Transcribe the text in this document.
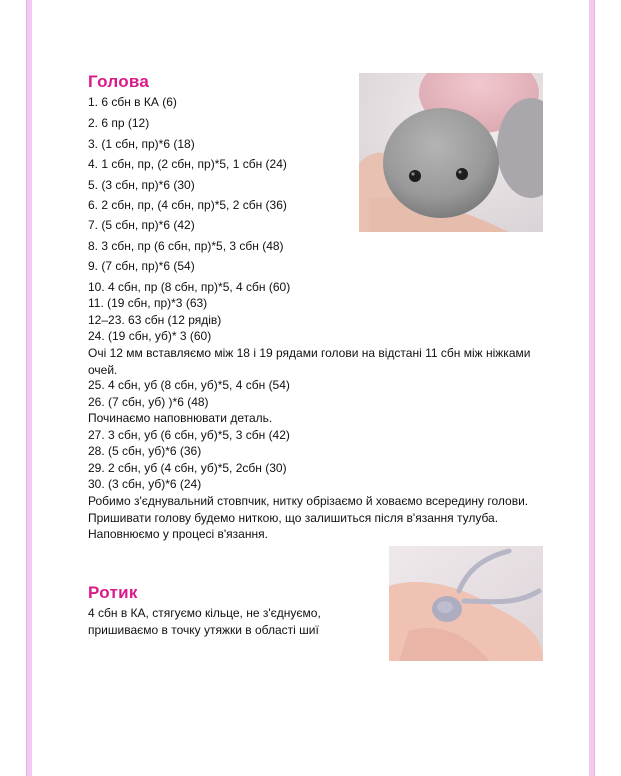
Голова
1. 6 сбн в КА (6)
2. 6 пр (12)
3. (1 сбн, пр)*6 (18)
4. 1 сбн, пр, (2 сбн, пр)*5, 1 сбн (24)
5. (3 сбн, пр)*6 (30)
6. 2 сбн, пр, (4 сбн, пр)*5, 2 сбн (36)
7. (5 сбн, пр)*6 (42)
8. 3 сбн, пр (6 сбн, пр)*5, 3 сбн (48)
9. (7 сбн, пр)*6 (54)
10. 4 сбн, пр (8 сбн, пр)*5, 4 сбн (60)
11. (19 сбн, пр)*3 (63)
12–23. 63 сбн (12 рядів)
24. (19 сбн, уб)* 3 (60)
Очі 12 мм вставляємо між 18 і 19 рядами голови на відстані 11 сбн між ніжками очей.
25. 4 сбн, уб (8 сбн, уб)*5, 4 сбн (54)
26. (7 сбн, уб) )*6 (48)
Починаємо наповнювати деталь.
27. 3 сбн, уб (6 сбн, уб)*5, 3 сбн (42)
28. (5 сбн, уб)*6 (36)
29. 2 сбн, уб (4 сбн, уб)*5, 2сбн (30)
30. (3 сбн, уб)*6 (24)
Робимо з'єднувальний стовпчик, нитку обрізаємо й ховаємо всередину голови. Пришивати голову будемо ниткою, що залишиться після в'язання тулуба. Наповнюємо у процесі в'язання.
Ротик
4 сбн в КА, стягуємо кільце, не з'єднуємо,
пришиваємо в точку утяжки в області шиї
